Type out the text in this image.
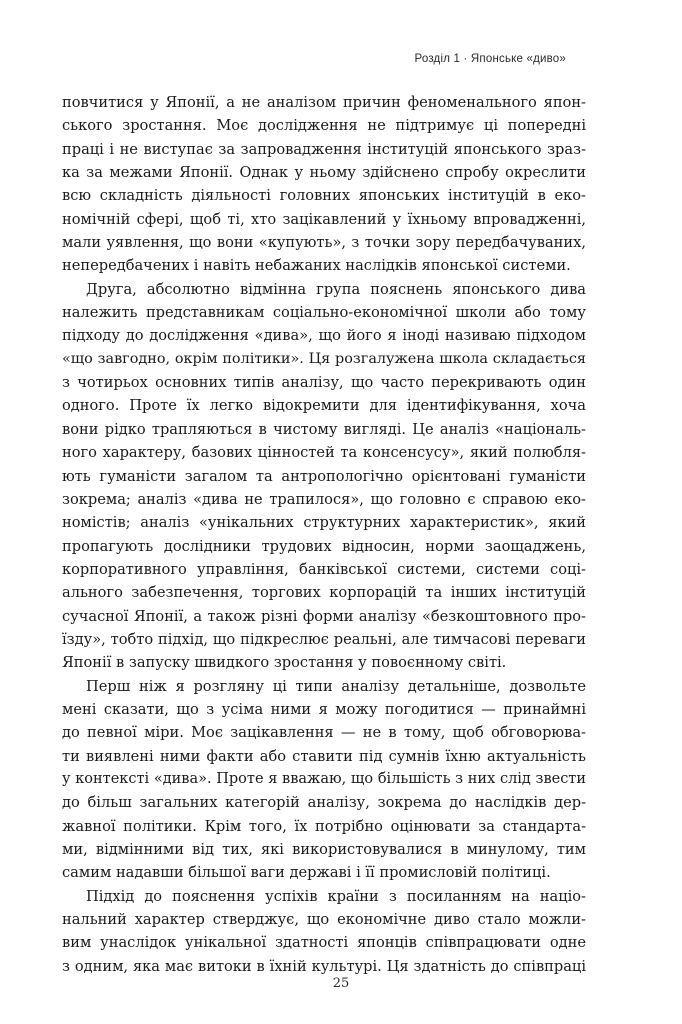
Розділ 1 · Японське «диво»
повчитися у Японії, а не аналізом причин феноменального япон-
ського зростання. Моє дослідження не підтримує ці попередні
праці і не виступає за запровадження інституцій японського зраз-
ка за межами Японії. Однак у ньому здійснено спробу окреслити
всю складність діяльності головних японських інституцій в еко-
номічній сфері, щоб ті, хто зацікавлений у їхньому впровадженні,
мали уявлення, що вони «купують», з точки зору передбачуваних,
непередбачених і навіть небажаних наслідків японської системи.
Друга, абсолютно відмінна група пояснень японського дива
належить представникам соціально-економічної школи або тому
підходу до дослідження «дива», що його я іноді називаю підходом
«що завгодно, окрім політики». Ця розгалужена школа складається
з чотирьох основних типів аналізу, що часто перекривають один
одного. Проте їх легко відокремити для ідентифікування, хоча
вони рідко трапляються в чистому вигляді. Це аналіз «національ-
ного характеру, базових цінностей та консенсусу», який полюбля-
ють гуманісти загалом та антропологічно орієнтовані гуманісти
зокрема; аналіз «дива не трапилося», що головно є справою еко-
номістів; аналіз «унікальних структурних характеристик», який
пропагують дослідники трудових відносин, норми заощаджень,
корпоративного управління, банківської системи, системи соці-
ального забезпечення, торгових корпорацій та інших інституцій
сучасної Японії, а також різні форми аналізу «безкоштовного про-
їзду», тобто підхід, що підкреслює реальні, але тимчасові переваги
Японії в запуску швидкого зростання у повоєнному світі.
Перш ніж я розгляну ці типи аналізу детальніше, дозвольте
мені сказати, що з усіма ними я можу погодитися — принаймні
до певної міри. Моє зацікавлення — не в тому, щоб обговорюва-
ти виявлені ними факти або ставити під сумнів їхню актуальність
у контексті «дива». Проте я вважаю, що більшість з них слід звести
до більш загальних категорій аналізу, зокрема до наслідків дер-
жавної політики. Крім того, їх потрібно оцінювати за стандарта-
ми, відмінними від тих, які використовувалися в минулому, тим
самим надавши більшої ваги державі і її промисловій політиці.
Підхід до пояснення успіхів країни з посиланням на націо-
нальний характер стверджує, що економічне диво стало можли-
вим унаслідок унікальної здатності японців співпрацювати одне
з одним, яка має витоки в їхній культурі. Ця здатність до співпраці
25
